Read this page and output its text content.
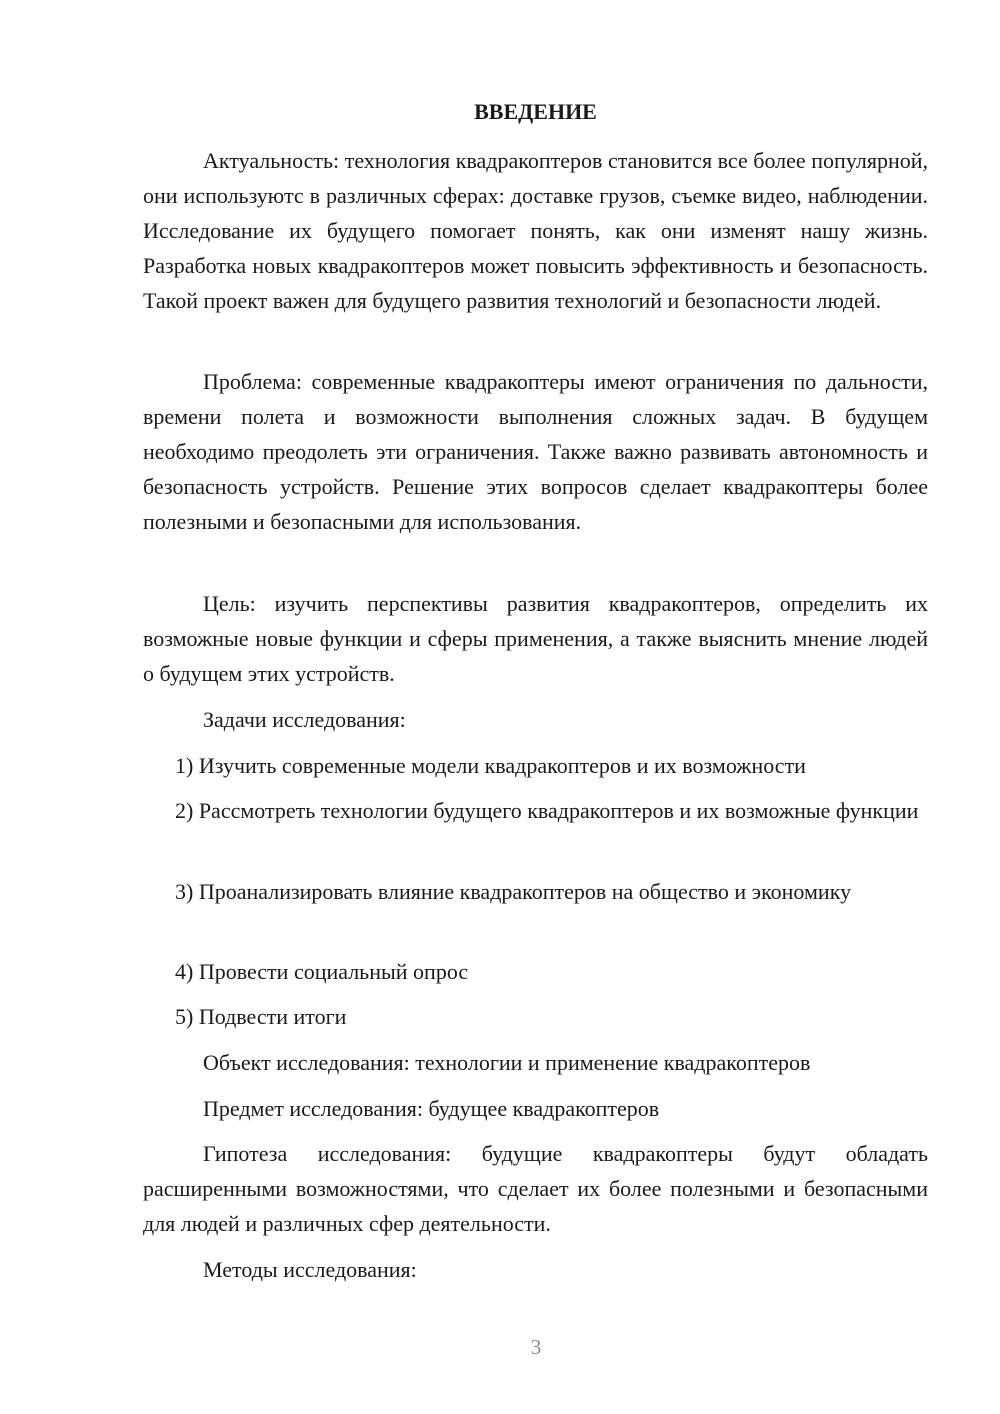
ВВЕДЕНИЕ

Актуальность: технология квадракоптеров становится все более популярной, они используютс в различных сферах: доставке грузов, съемке видео, наблюдении. Исследование их будущего помогает понять, как они изменят нашу жизнь. Разработка новых квадракоптеров может повысить эффективность и безопасность. Такой проект важен для будущего развития технологий и безопасности людей.

Проблема: современные квадракоптеры имеют ограничения по дальности, времени полета и возможности выполнения сложных задач. В будущем необходимо преодолеть эти ограничения. Также важно развивать автономность и безопасность устройств. Решение этих вопросов сделает квадракоптеры более полезными и безопасными для использования.

Цель: изучить перспективы развития квадракоптеров, определить их возможные новые функции и сферы применения, а также выяснить мнение людей о будущем этих устройств.

Задачи исследования:

1) Изучить современные модели квадракоптеров и их возможности

2) Рассмотреть технологии будущего квадракоптеров и их возможные функции

3) Проанализировать влияние квадракоптеров на общество и экономику

4) Провести социальный опрос

5) Подвести итоги

Объект исследования: технологии и применение квадракоптеров

Предмет исследования: будущее квадракоптеров

Гипотеза исследования: будущие квадракоптеры будут обладать расширенными возможностями, что сделает их более полезными и безопасными для людей и различных сфер деятельности.

Методы исследования:

3
